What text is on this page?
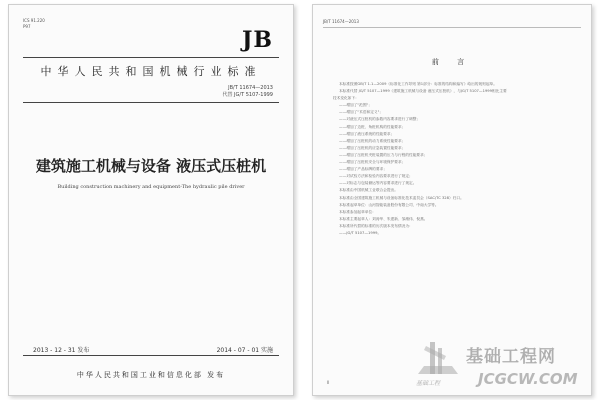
ICS 91.220
P97
JB
中华人民共和国机械行业标准
JB/T 11674—2013
代替 JG/T 5107-1999
建筑施工机械与设备 液压式压桩机
Building construction machinery and equipment-The hydraulic pile driver
2013 - 12 - 31 发布	2014 - 07 - 01 实施
中华人民共和国工业和信息化部 发布
JB/T 11674—2013
前 言
本标准按照GB/T 1.1—2009《标准化工作导则 第1部分：标准的结构和编写》给出的规则起草。
本标准代替 JG/T 5107—1999《建筑施工机械与设备 液压式压桩机》，与JG/T 5107—1999相比主要
技术变化如下：
——增加了"范围"；
——增加了"术语和定义"；
——对液压式压桩机的参数内容要求进行了调整；
——增加了边桩、角桩机构的性能要求；
——增加了液压系统的性能要求；
——增加了压桩机的动力系统性能要求；
——增加了压桩机的应急装置性能要求；
——增加了压桩机夹桩装置的压力与行程的性能要求；
——增加了压桩机安全与环境保护要求；
——增加了产品标牌的要求；
——对试验方法和检验内容要求进行了规定；
——对标志与包装储运等内容要求进行了规定。
本标准由中国机械工业联合会提出。
本标准由全国建筑施工机械与设备标准化技术委员会（SAC/TC 328）归口。
本标准起草单位：山河智能装备股份有限公司、中南大学等。
本标准参加起草单位：
本标准主要起草人：刘涛华、朱建新、邹湘伟、倪燕。
本标准所代替的标准的历次版本发布情况为：
——JG/T 5107—1999。
II
基础工程网
基础工程	JCGCW.COM
